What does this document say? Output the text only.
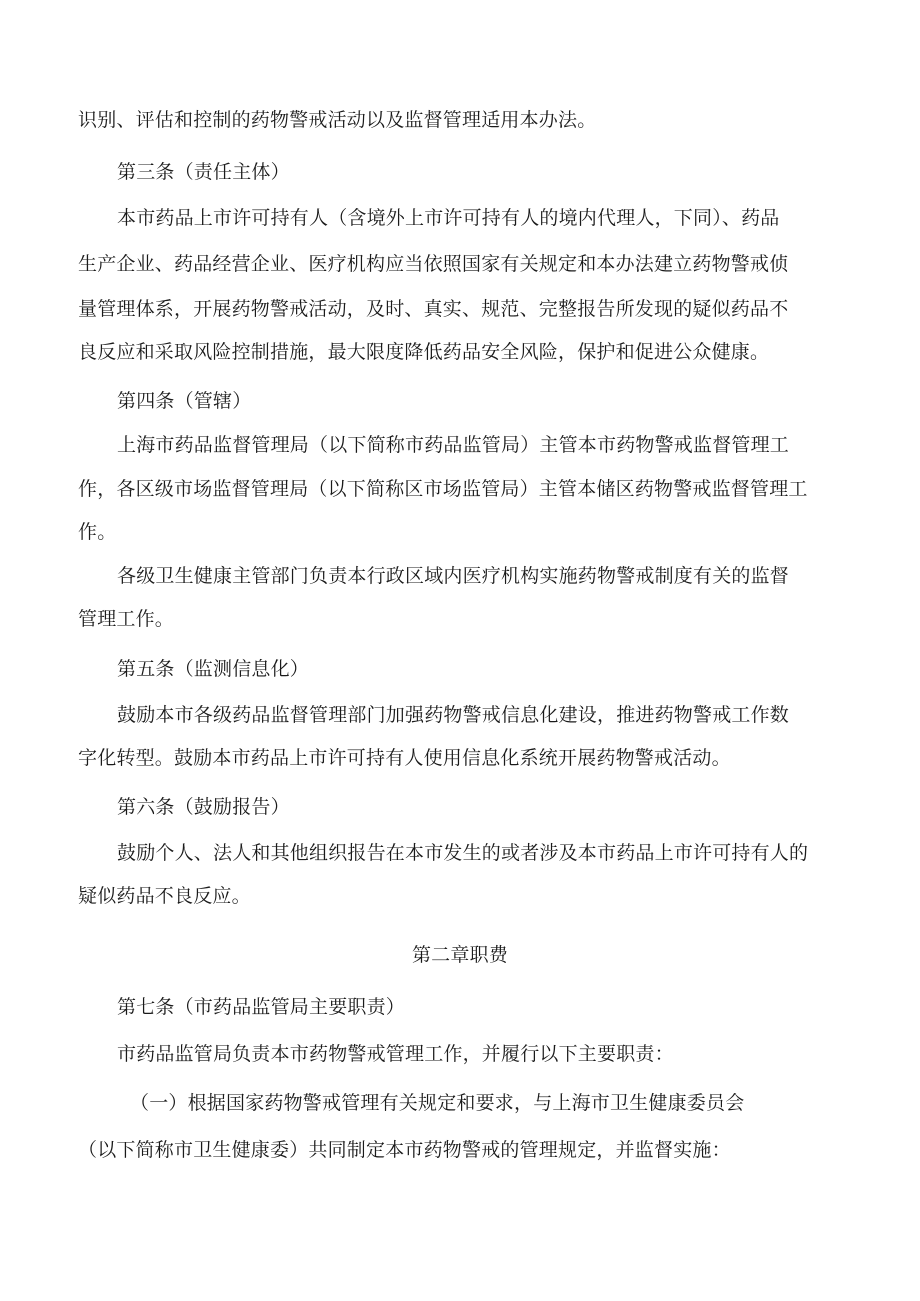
识别、评估和控制的药物警戒活动以及监督管理适用本办法。
第三条（责任主体）
本市药品上市许可持有人（含境外上市许可持有人的境内代理人，下同）、药品
生产企业、药品经营企业、医疗机构应当依照国家有关规定和本办法建立药物警戒侦
量管理体系，开展药物警戒活动，及时、真实、规范、完整报告所发现的疑似药品不
良反应和采取风险控制措施，最大限度降低药品安全风险，保护和促进公众健康。
第四条（管辖）
上海市药品监督管理局（以下简称市药品监管局）主管本市药物警戒监督管理工
作，各区级市场监督管理局（以下简称区市场监管局）主管本储区药物警戒监督管理工
作。
各级卫生健康主管部门负责本行政区域内医疗机构实施药物警戒制度有关的监督
管理工作。
第五条（监测信息化）
鼓励本市各级药品监督管理部门加强药物警戒信息化建设，推进药物警戒工作数
字化转型。鼓励本市药品上市许可持有人使用信息化系统开展药物警戒活动。
第六条（鼓励报告）
鼓励个人、法人和其他组织报告在本市发生的或者涉及本市药品上市许可持有人的
疑似药品不良反应。
第二章职费
第七条（市药品监管局主要职责）
市药品监管局负责本市药物警戒管理工作，并履行以下主要职责：
（一）根据国家药物警戒管理有关规定和要求，与上海市卫生健康委员会
（以下简称市卫生健康委）共同制定本市药物警戒的管理规定，并监督实施：
